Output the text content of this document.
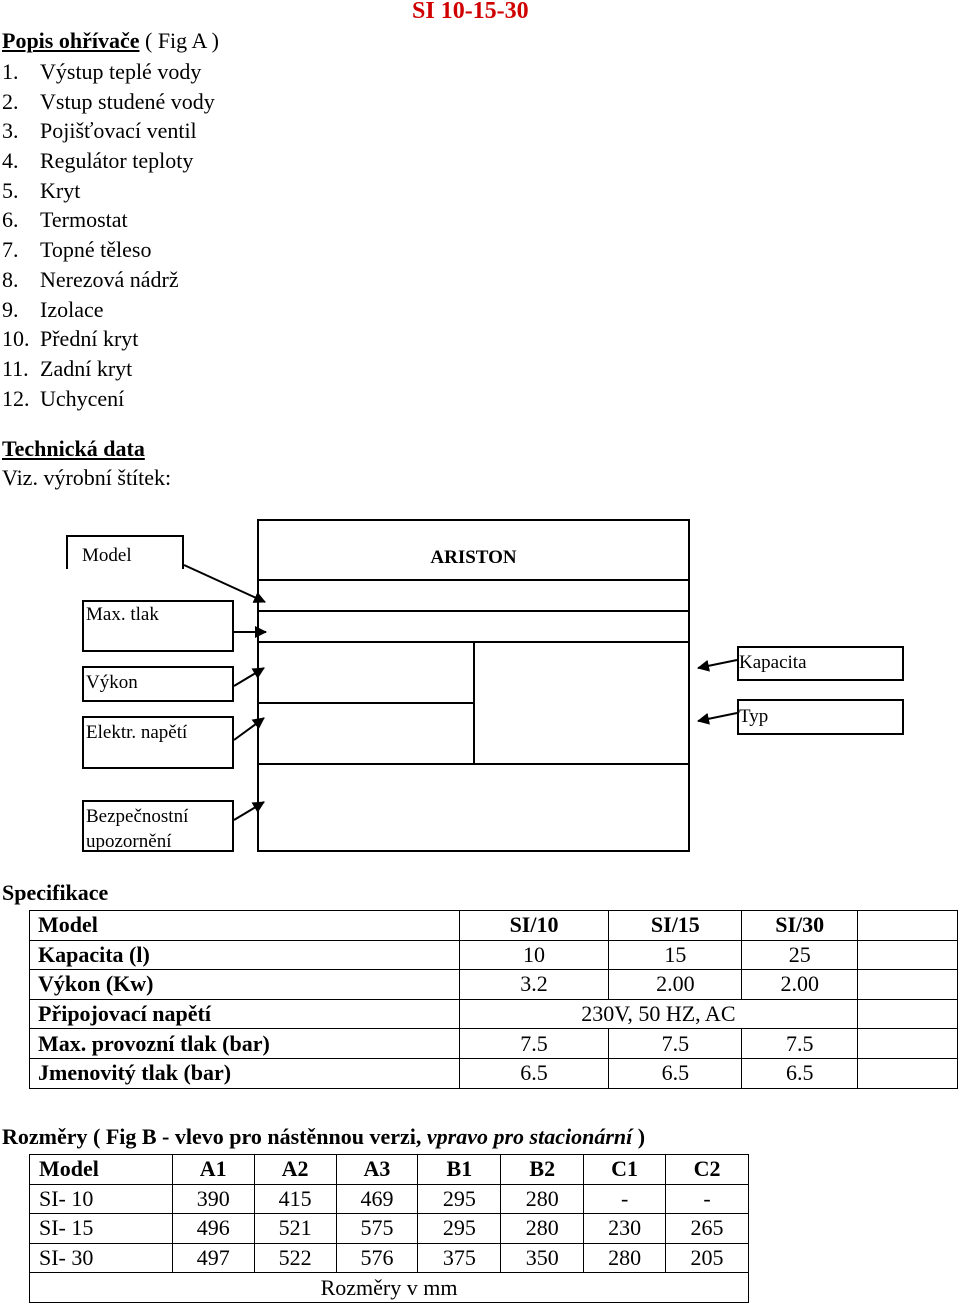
SI 10-15-30
Popis ohřívače ( Fig A )
1. Výstup teplé vody
2. Vstup studené vody
3. Pojišťovací ventil
4. Regulátor teploty
5. Kryt
6. Termostat
7. Topné těleso
8. Nerezová nádrž
9. Izolace
10. Přední kryt
11. Zadní kryt
12. Uchycení
Technická data
Viz. výrobní štítek:
ARISTON
Model
Max. tlak
Výkon
Elektr. napětí
Bezpečnostní
upozornění
Kapacita
Typ
Specifikace
Model	SI/10	SI/15	SI/30	
Kapacita (l)	10	15	25	
Výkon (Kw)	3.2	2.00	2.00	
Připojovací napětí	230V, 50 HZ, AC			
Max. provozní tlak (bar)	7.5	7.5	7.5	
Jmenovitý tlak (bar)	6.5	6.5	6.5	
Rozměry ( Fig B - vlevo pro nástěnnou verzi, vpravo pro stacionární )
Model	A1	A2	A3	B1	B2	C1	C2
SI- 10	390	415	469	295	280	-	-
SI- 15	496	521	575	295	280	230	265
SI- 30	497	522	576	375	350	280	205
Rozměry v mm							
